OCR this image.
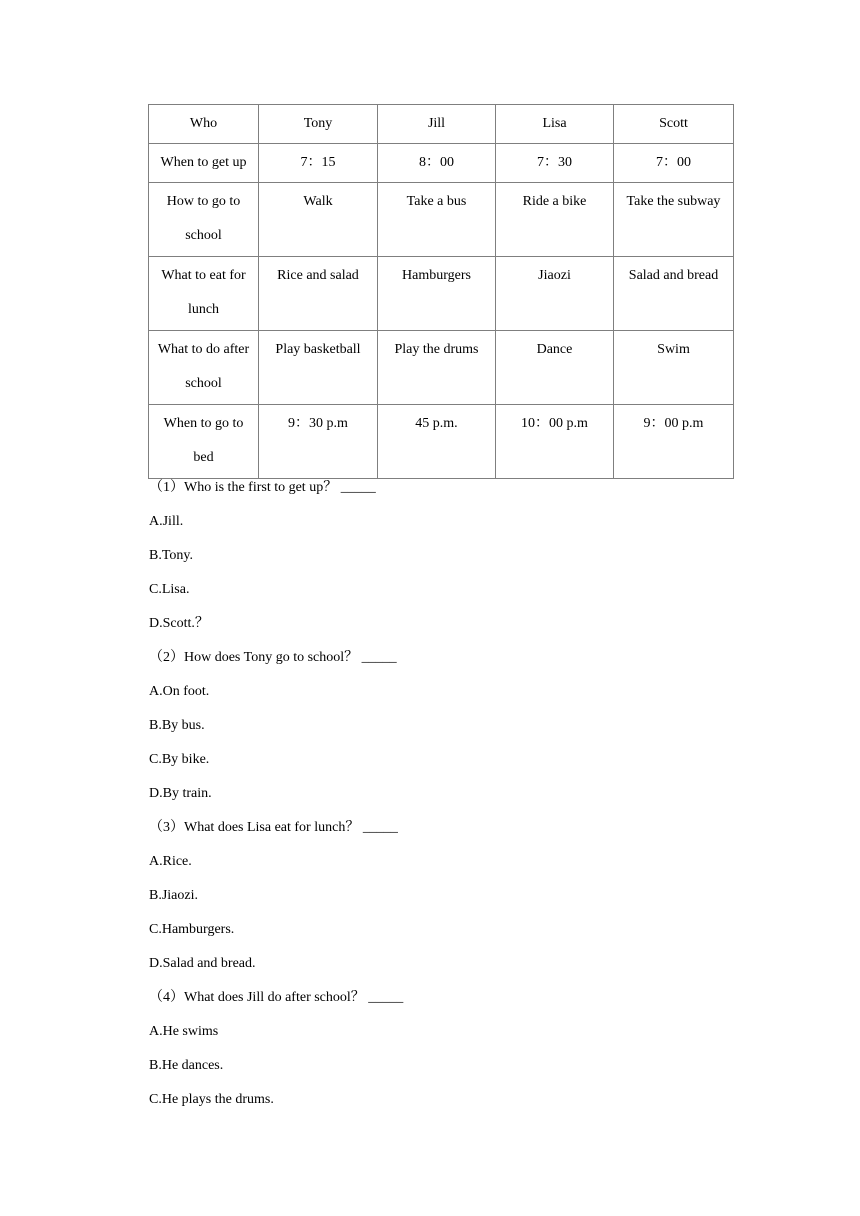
Who	Tony	Jill	Lisa	Scott
When to get up	7：15	8：00	7：30	7：00
How to go to school	Walk	Take a bus	Ride a bike	Take the subway
What to eat for lunch	Rice and salad	Hamburgers	Jiaozi	Salad and bread
What to do after school	Play basketball	Play the drums	Dance	Swim
When to go to bed	9：30 p.m	45 p.m.	10：00 p.m	9：00 p.m
（1）Who is the first to get up？ _____
A.Jill.
B.Tony.
C.Lisa.
D.Scott.？
（2）How does Tony go to school？ _____
A.On foot.
B.By bus.
C.By bike.
D.By train.
（3）What does Lisa eat for lunch？ _____
A.Rice.
B.Jiaozi.
C.Hamburgers.
D.Salad and bread.
（4）What does Jill do after school？ _____
A.He swims
B.He dances.
C.He plays the drums.
